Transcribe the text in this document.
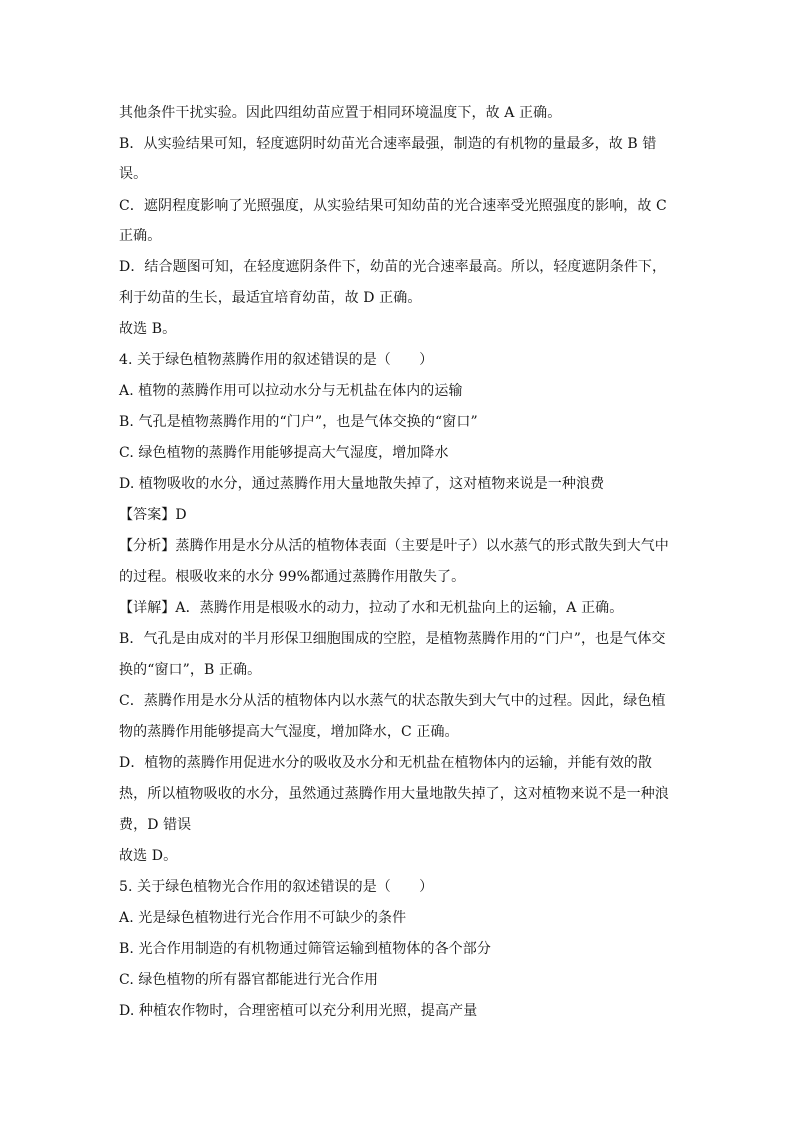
其他条件干扰实验。因此四组幼苗应置于相同环境温度下，故 A 正确。
B．从实验结果可知，轻度遮阴时幼苗光合速率最强，制造的有机物的量最多，故 B 错
误。
C．遮阴程度影响了光照强度，从实验结果可知幼苗的光合速率受光照强度的影响，故 C
正确。
D．结合题图可知，在轻度遮阴条件下，幼苗的光合速率最高。所以，轻度遮阴条件下，
利于幼苗的生长，最适宜培育幼苗，故 D 正确。
故选 B。
4. 关于绿色植物蒸腾作用的叙述错误的是（　　）
A. 植物的蒸腾作用可以拉动水分与无机盐在体内的运输
B. 气孔是植物蒸腾作用的“门户”，也是气体交换的“窗口”
C. 绿色植物的蒸腾作用能够提高大气湿度，增加降水
D. 植物吸收的水分，通过蒸腾作用大量地散失掉了，这对植物来说是一种浪费
【答案】D
【分析】蒸腾作用是水分从活的植物体表面（主要是叶子）以水蒸气的形式散失到大气中
的过程。根吸收来的水分 99%都通过蒸腾作用散失了。
【详解】A．蒸腾作用是根吸水的动力，拉动了水和无机盐向上的运输，A 正确。
B．气孔是由成对的半月形保卫细胞围成的空腔，是植物蒸腾作用的“门户”，也是气体交
换的“窗口”，B 正确。
C．蒸腾作用是水分从活的植物体内以水蒸气的状态散失到大气中的过程。因此，绿色植
物的蒸腾作用能够提高大气湿度，增加降水，C 正确。
D．植物的蒸腾作用促进水分的吸收及水分和无机盐在植物体内的运输，并能有效的散
热，所以植物吸收的水分，虽然通过蒸腾作用大量地散失掉了，这对植物来说不是一种浪
费，D 错误
故选 D。
5. 关于绿色植物光合作用的叙述错误的是（　　）
A. 光是绿色植物进行光合作用不可缺少的条件
B. 光合作用制造的有机物通过筛管运输到植物体的各个部分
C. 绿色植物的所有器官都能进行光合作用
D. 种植农作物时，合理密植可以充分利用光照，提高产量
